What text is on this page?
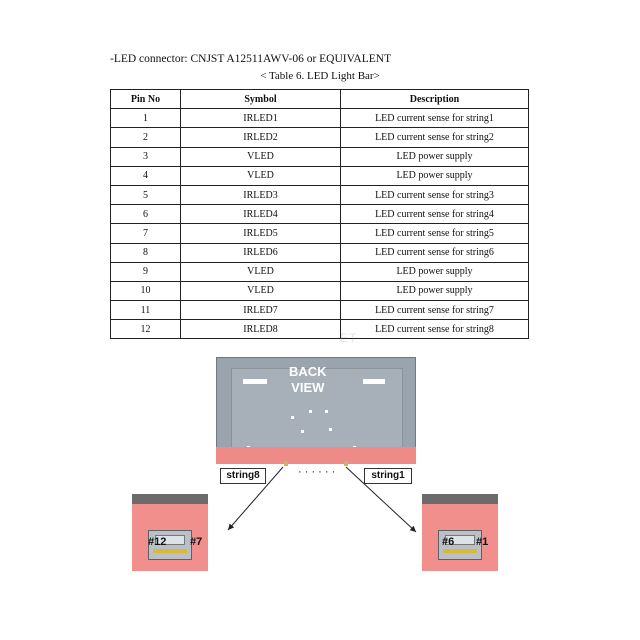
-LED connector: CNJST A12511AWV-06 or EQUIVALENT
< Table 6. LED Light Bar>
Pin No	Symbol	Description
1	IRLED1	LED current sense for string1
2	IRLED2	LED current sense for string2
3	VLED	LED power supply
4	VLED	LED power supply
5	IRLED3	LED current sense for string3
6	IRLED4	LED current sense for string4
7	IRLED5	LED current sense for string5
8	IRLED6	LED current sense for string6
9	VLED	LED power supply
10	VLED	LED power supply
11	IRLED7	LED current sense for string7
12	IRLED8	LED current sense for string8
ET
BACK
VIEW
string8	· · · · · ·	string1
#12 #7	#6 #1
